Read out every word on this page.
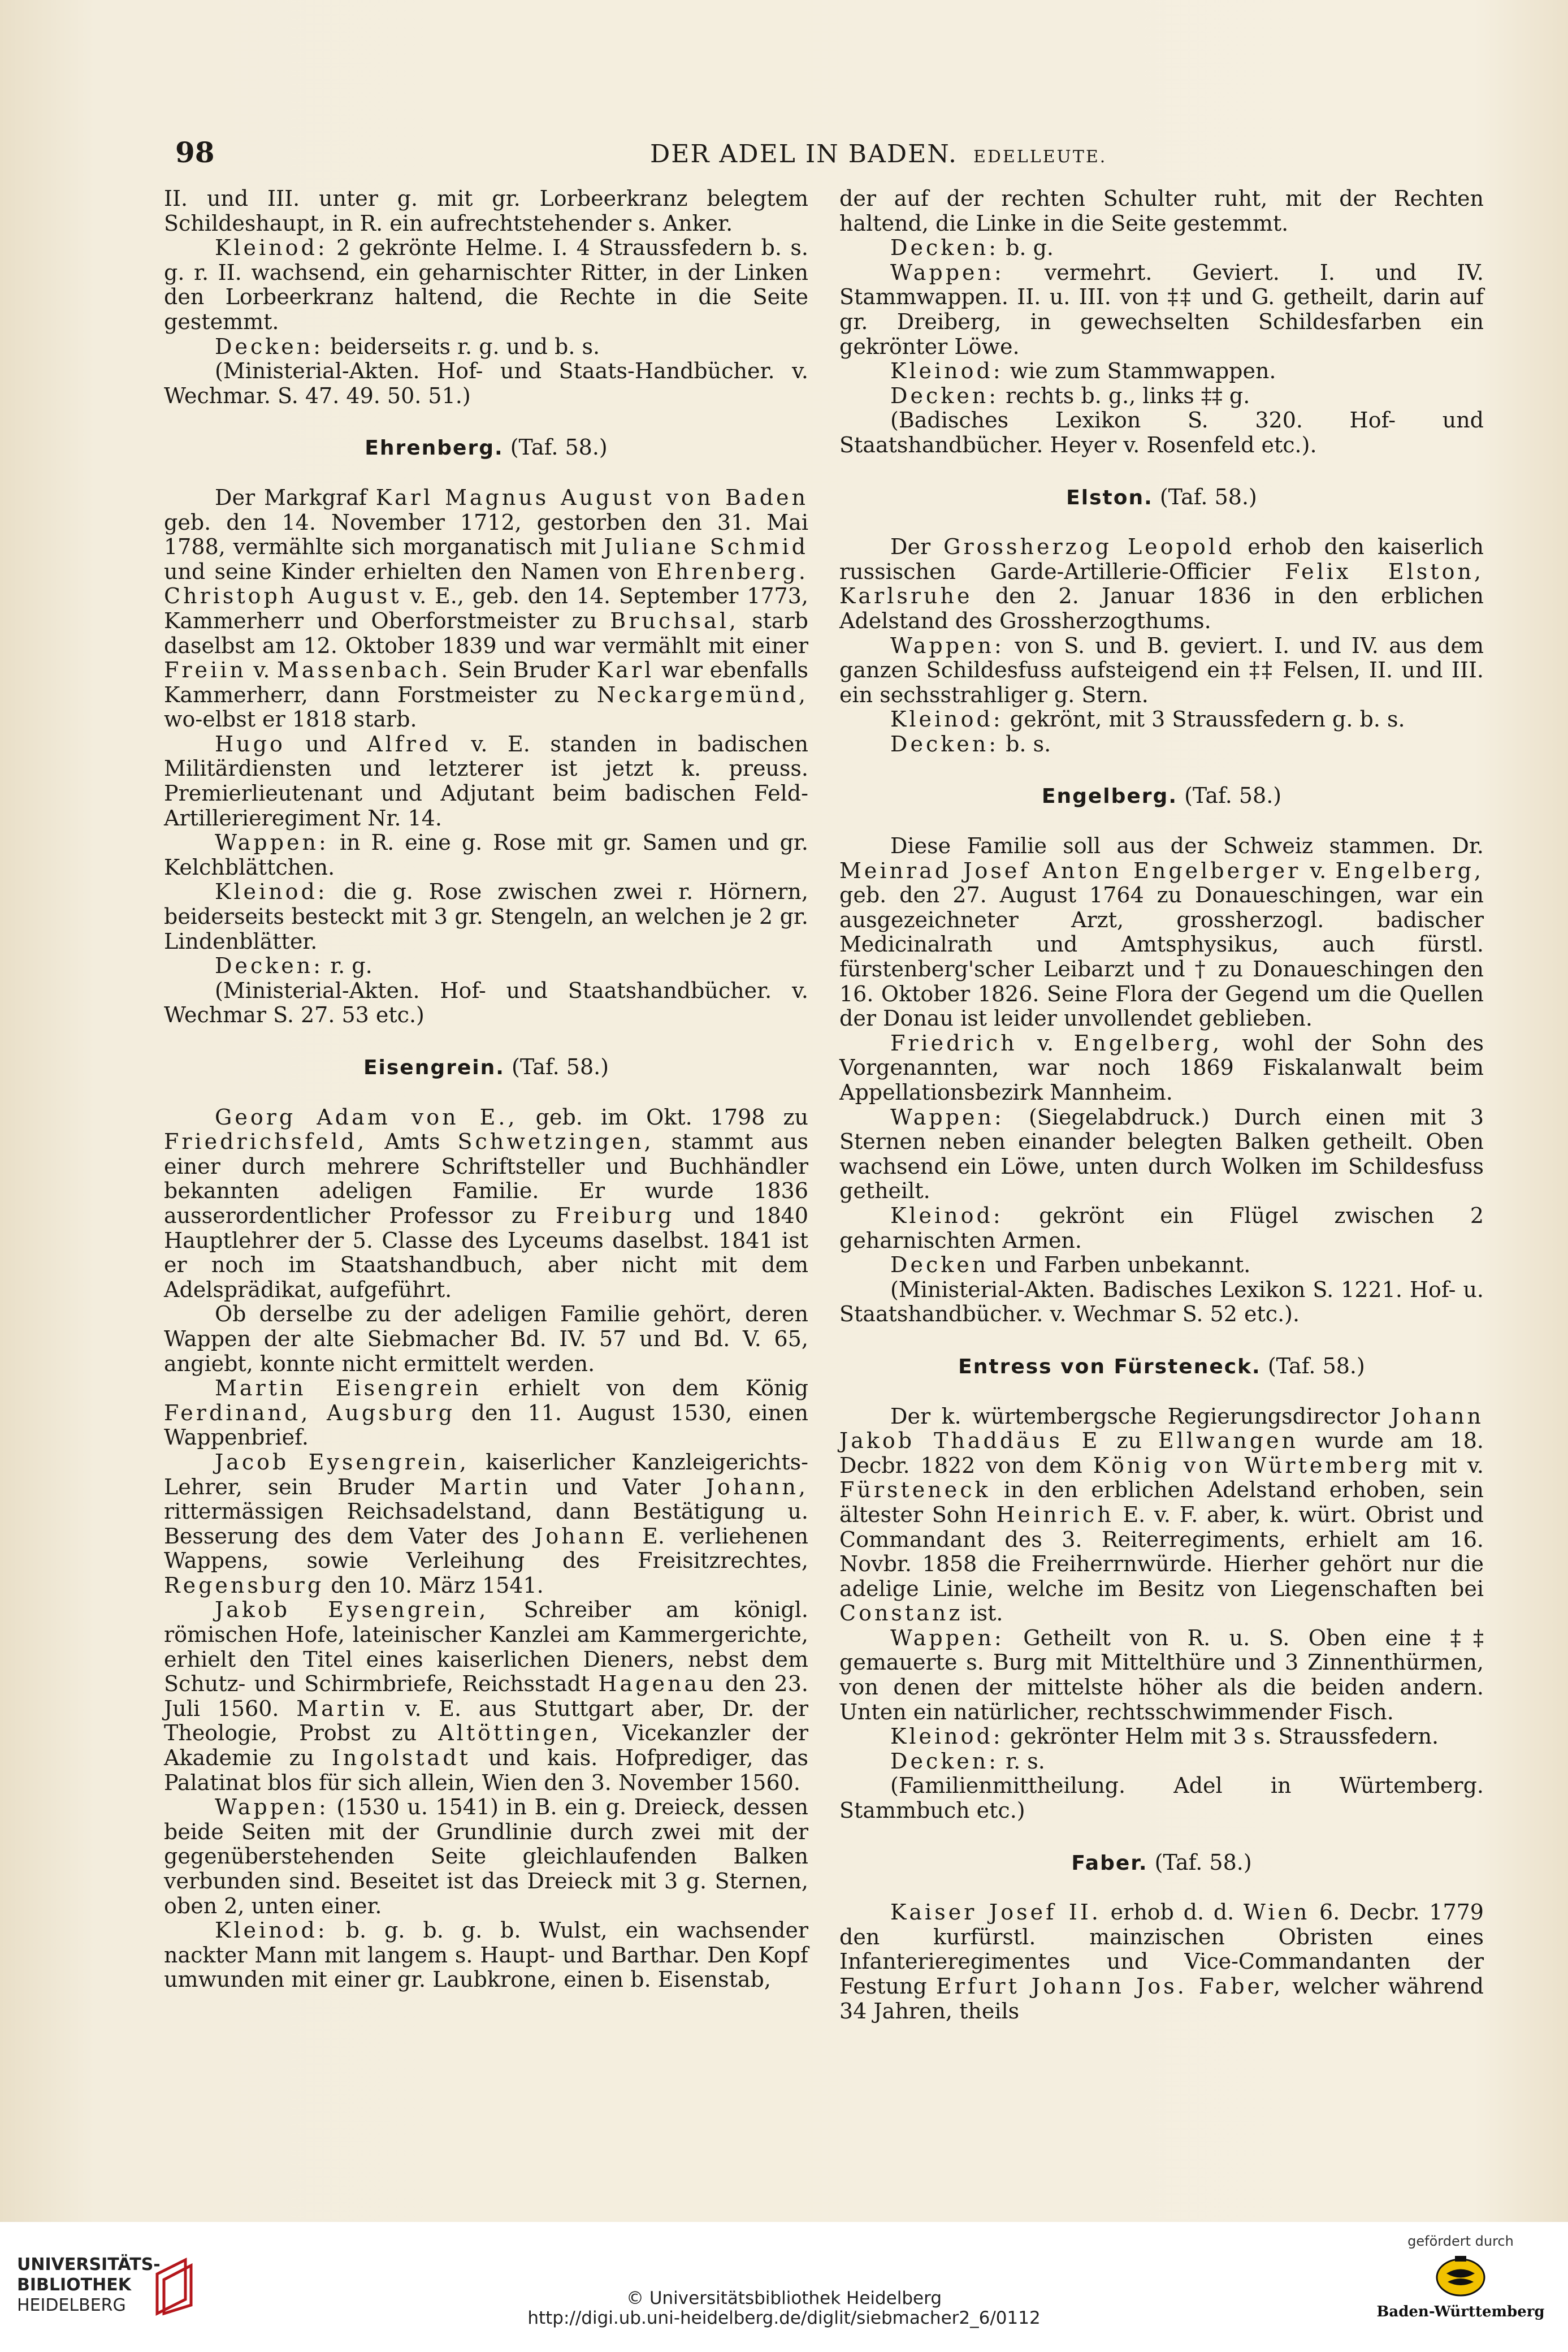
98	DER ADEL IN BADEN. EDELLEUTE.

II. und III. unter g. mit gr. Lorbeerkranz belegtem Schildeshaupt, in R. ein aufrechtstehender s. Anker.

Kleinod: 2 gekrönte Helme. I. 4 Straussfedern b. s. g. r. II. wachsend, ein geharnischter Ritter, in der Linken den Lorbeerkranz haltend, die Rechte in die Seite gestemmt.

Decken: beiderseits r. g. und b. s.

(Ministerial-Akten. Hof- und Staats-Handbücher. v. Wechmar. S. 47. 49. 50. 51.)

Ehrenberg. (Taf. 58.)

Der Markgraf Karl Magnus August von Baden geb. den 14. November 1712, gestorben den 31. Mai 1788, vermählte sich morganatisch mit Juliane Schmid und seine Kinder erhielten den Namen von Ehrenberg. Christoph August v. E., geb. den 14. September 1773, Kammerherr und Oberforstmeister zu Bruchsal, starb daselbst am 12. Oktober 1839 und war vermählt mit einer Freiin v. Massenbach. Sein Bruder Karl war ebenfalls Kammerherr, dann Forstmeister zu Neckargemünd, wo-elbst er 1818 starb.

Hugo und Alfred v. E. standen in badischen Militärdiensten und letzterer ist jetzt k. preuss. Premierlieutenant und Adjutant beim badischen Feld-Artillerieregiment Nr. 14.

Wappen: in R. eine g. Rose mit gr. Samen und gr. Kelchblättchen.

Kleinod: die g. Rose zwischen zwei r. Hörnern, beiderseits besteckt mit 3 gr. Stengeln, an welchen je 2 gr. Lindenblätter.

Decken: r. g.

(Ministerial-Akten. Hof- und Staatshandbücher. v. Wechmar S. 27. 53 etc.)

Eisengrein. (Taf. 58.)

Georg Adam von E., geb. im Okt. 1798 zu Friedrichsfeld, Amts Schwetzingen, stammt aus einer durch mehrere Schriftsteller und Buchhändler bekannten adeligen Familie. Er wurde 1836 ausserordentlicher Professor zu Freiburg und 1840 Hauptlehrer der 5. Classe des Lyceums daselbst. 1841 ist er noch im Staatshandbuch, aber nicht mit dem Adelsprädikat, aufgeführt.

Ob derselbe zu der adeligen Familie gehört, deren Wappen der alte Siebmacher Bd. IV. 57 und Bd. V. 65, angiebt, konnte nicht ermittelt werden.

Martin Eisengrein erhielt von dem König Ferdinand, Augsburg den 11. August 1530, einen Wappenbrief.

Jacob Eysengrein, kaiserlicher Kanzleigerichts-Lehrer, sein Bruder Martin und Vater Johann, rittermässigen Reichsadelstand, dann Bestätigung u. Besserung des dem Vater des Johann E. verliehenen Wappens, sowie Verleihung des Freisitzrechtes, Regensburg den 10. März 1541.

Jakob Eysengrein, Schreiber am königl. römischen Hofe, lateinischer Kanzlei am Kammergerichte, erhielt den Titel eines kaiserlichen Dieners, nebst dem Schutz- und Schirmbriefe, Reichsstadt Hagenau den 23. Juli 1560. Martin v. E. aus Stuttgart aber, Dr. der Theologie, Probst zu Altöttingen, Vicekanzler der Akademie zu Ingolstadt und kais. Hofprediger, das Palatinat blos für sich allein, Wien den 3. November 1560.

Wappen: (1530 u. 1541) in B. ein g. Dreieck, dessen beide Seiten mit der Grundlinie durch zwei mit der gegenüberstehenden Seite gleichlaufenden Balken verbunden sind. Beseitet ist das Dreieck mit 3 g. Sternen, oben 2, unten einer.

Kleinod: b. g. b. g. b. Wulst, ein wachsender nackter Mann mit langem s. Haupt- und Barthar. Den Kopf umwunden mit einer gr. Laubkrone, einen b. Eisenstab,

der auf der rechten Schulter ruht, mit der Rechten haltend, die Linke in die Seite gestemmt.

Decken: b. g.

Wappen: vermehrt. Geviert. I. und IV. Stammwappen. II. u. III. von ‡‡ und G. getheilt, darin auf gr. Dreiberg, in gewechselten Schildesfarben ein gekrönter Löwe.

Kleinod: wie zum Stammwappen.

Decken: rechts b. g., links ‡‡ g.

(Badisches Lexikon S. 320. Hof- und Staatshandbücher. Heyer v. Rosenfeld etc.).

Elston. (Taf. 58.)

Der Grossherzog Leopold erhob den kaiserlich russischen Garde-Artillerie-Officier Felix Elston, Karlsruhe den 2. Januar 1836 in den erblichen Adelstand des Grossherzogthums.

Wappen: von S. und B. geviert. I. und IV. aus dem ganzen Schildesfuss aufsteigend ein ‡‡ Felsen, II. und III. ein sechsstrahliger g. Stern.

Kleinod: gekrönt, mit 3 Straussfedern g. b. s.

Decken: b. s.

Engelberg. (Taf. 58.)

Diese Familie soll aus der Schweiz stammen. Dr. Meinrad Josef Anton Engelberger v. Engelberg, geb. den 27. August 1764 zu Donaueschingen, war ein ausgezeichneter Arzt, grossherzogl. badischer Medicinalrath und Amtsphysikus, auch fürstl. fürstenberg'scher Leibarzt und † zu Donaueschingen den 16. Oktober 1826. Seine Flora der Gegend um die Quellen der Donau ist leider unvollendet geblieben.

Friedrich v. Engelberg, wohl der Sohn des Vorgenannten, war noch 1869 Fiskalanwalt beim Appellationsbezirk Mannheim.

Wappen: (Siegelabdruck.) Durch einen mit 3 Sternen neben einander belegten Balken getheilt. Oben wachsend ein Löwe, unten durch Wolken im Schildesfuss getheilt.

Kleinod: gekrönt ein Flügel zwischen 2 geharnischten Armen.

Decken und Farben unbekannt.

(Ministerial-Akten. Badisches Lexikon S. 1221. Hof- u. Staatshandbücher. v. Wechmar S. 52 etc.).

Entress von Fürsteneck. (Taf. 58.)

Der k. würtembergsche Regierungsdirector Johann Jakob Thaddäus E zu Ellwangen wurde am 18. Decbr. 1822 von dem König von Würtemberg mit v. Fürsteneck in den erblichen Adelstand erhoben, sein ältester Sohn Heinrich E. v. F. aber, k. würt. Obrist und Commandant des 3. Reiterregiments, erhielt am 16. Novbr. 1858 die Freiherrnwürde. Hierher gehört nur die adelige Linie, welche im Besitz von Liegenschaften bei Constanz ist.

Wappen: Getheilt von R. u. S. Oben eine ‡‡ gemauerte s. Burg mit Mittelthüre und 3 Zinnenthürmen, von denen der mittelste höher als die beiden andern. Unten ein natürlicher, rechtsschwimmender Fisch.

Kleinod: gekrönter Helm mit 3 s. Straussfedern.

Decken: r. s.

(Familienmittheilung. Adel in Würtemberg. Stammbuch etc.)

Faber. (Taf. 58.)

Kaiser Josef II. erhob d. d. Wien 6. Decbr. 1779 den kurfürstl. mainzischen Obristen eines Infanterieregimentes und Vice-Commandanten der Festung Erfurt Johann Jos. Faber, welcher während 34 Jahren, theils

UNIVERSITÄTS-
BIBLIOTHEK
HEIDELBERG	© Universitätsbibliothek Heidelberg
http://digi.ub.uni-heidelberg.de/diglit/siebmacher2_6/0112
gefördert durch
Baden-Württemberg
